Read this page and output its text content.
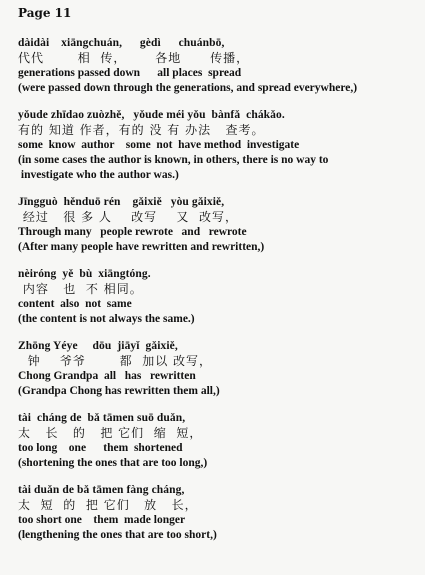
Page 11
dàidài    xiāngchuán,      gèdì      chuánbō,
代代       相  传，      各地      传播，
generations passed down      all places  spread
(were passed down through the generations, and spread everywhere,)
yǒude zhīdao zuòzhě,   yǒude méi yǒu  bànfǎ  chákǎo.
有的 知道 作者，有的 没 有 办法   查考。
some  know  author    some  not  have method  investigate
(in some cases the author is known, in others, there is no way to
investigate who the author was.)
Jīngguò  hěnduō rén    gǎixiě   yòu gǎixiě,
经过   很 多 人    改写    又  改写，
Through many   people rewrote   and   rewrote
(After many people have rewritten and rewritten,)
nèiróng  yě  bù  xiāngtóng.
内容   也  不 相同。
content  also  not  same
(the content is not always the same.)
Zhōng Yéye     dōu  jiāyǐ  gǎixiě,
钟    爷爷       都  加以 改写，
Chong Grandpa  all   has   rewritten
(Grandpa Chong has rewritten them all,)
tài  cháng de  bǎ tāmen suō duǎn,
太   长   的   把 它们  缩  短，
too long    one      them  shortened
(shortening the ones that are too long,)
tài duǎn de bǎ tāmen fàng cháng,
太  短  的  把 它们   放   长，
too short one    them  made longer
(lengthening the ones that are too short,)
